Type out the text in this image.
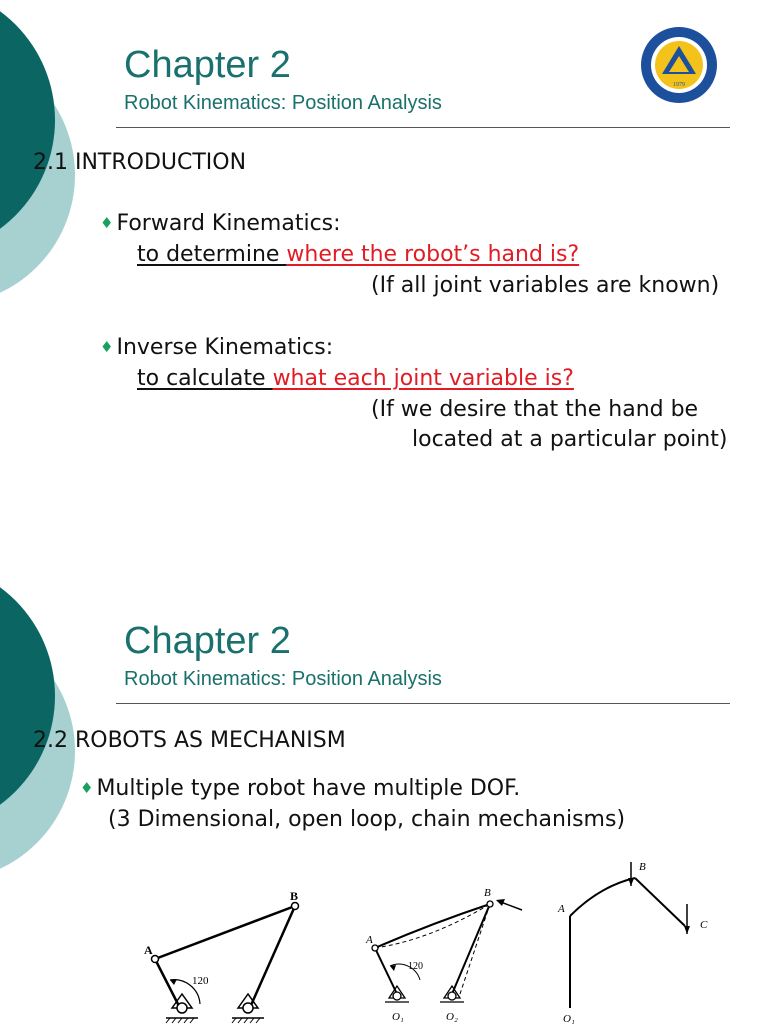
Chapter 2
Robot Kinematics: Position Analysis
1979
2.1 INTRODUCTION
♦ Forward Kinematics:
to determine where the robot’s hand is?
(If all joint variables are known)
♦ Inverse Kinematics:
to calculate what each joint variable is?
(If we desire that the hand be
located at a particular point)
Chapter 2
Robot Kinematics: Position Analysis
2.2 ROBOTS AS MECHANISM
♦ Multiple type robot have multiple DOF.
(3 Dimensional, open loop, chain mechanisms)
120
A
B
120
A
B
O₁	O₂
A
B
C
O₁
